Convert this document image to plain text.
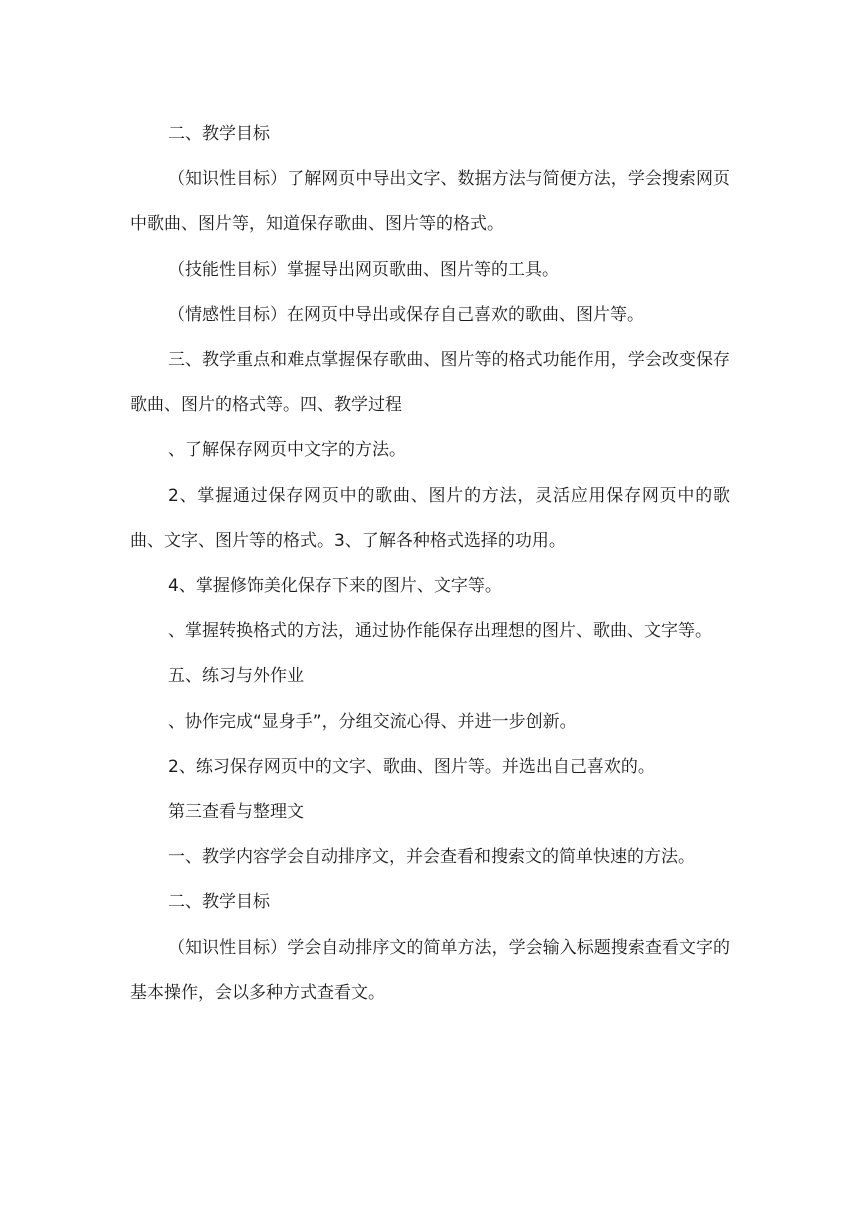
二、教学目标

（知识性目标）了解网页中导出文字、数据方法与简便方法，学会搜索网页中歌曲、图片等，知道保存歌曲、图片等的格式。

（技能性目标）掌握导出网页歌曲、图片等的工具。

（情感性目标）在网页中导出或保存自己喜欢的歌曲、图片等。

三、教学重点和难点掌握保存歌曲、图片等的格式功能作用，学会改变保存歌曲、图片的格式等。四、教学过程

、了解保存网页中文字的方法。

2、掌握通过保存网页中的歌曲、图片的方法，灵活应用保存网页中的歌曲、文字、图片等的格式。3、了解各种格式选择的功用。

4、掌握修饰美化保存下来的图片、文字等。

、掌握转换格式的方法，通过协作能保存出理想的图片、歌曲、文字等。

五、练习与外作业

、协作完成“显身手”，分组交流心得、并进一步创新。

2、练习保存网页中的文字、歌曲、图片等。并选出自己喜欢的。

第三查看与整理文

一、教学内容学会自动排序文，并会查看和搜索文的简单快速的方法。

二、教学目标

（知识性目标）学会自动排序文的简单方法，学会输入标题搜索查看文字的基本操作，会以多种方式查看文。
